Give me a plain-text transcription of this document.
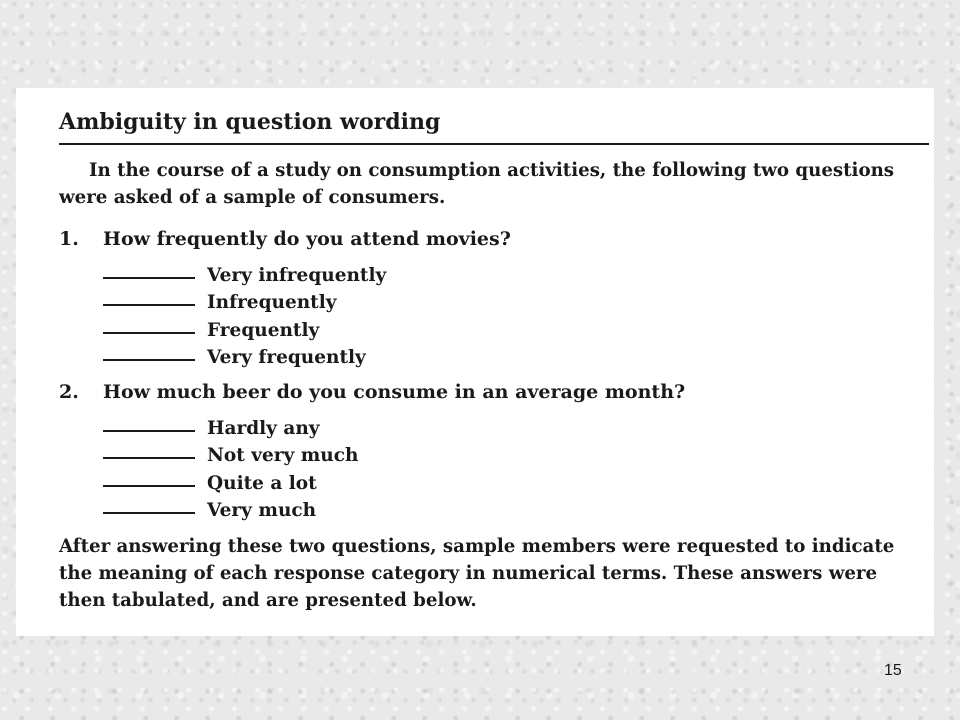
Ambiguity in question wording

In the course of a study on consumption activities, the following two questions were asked of a sample of consumers.

1. How frequently do you attend movies?
Very infrequently
Infrequently
Frequently
Very frequently
2. How much beer do you consume in an average month?
Hardly any
Not very much
Quite a lot
Very much

After answering these two questions, sample members were requested to indicate the meaning of each response category in numerical terms. These answers were then tabulated, and are presented below.

15
